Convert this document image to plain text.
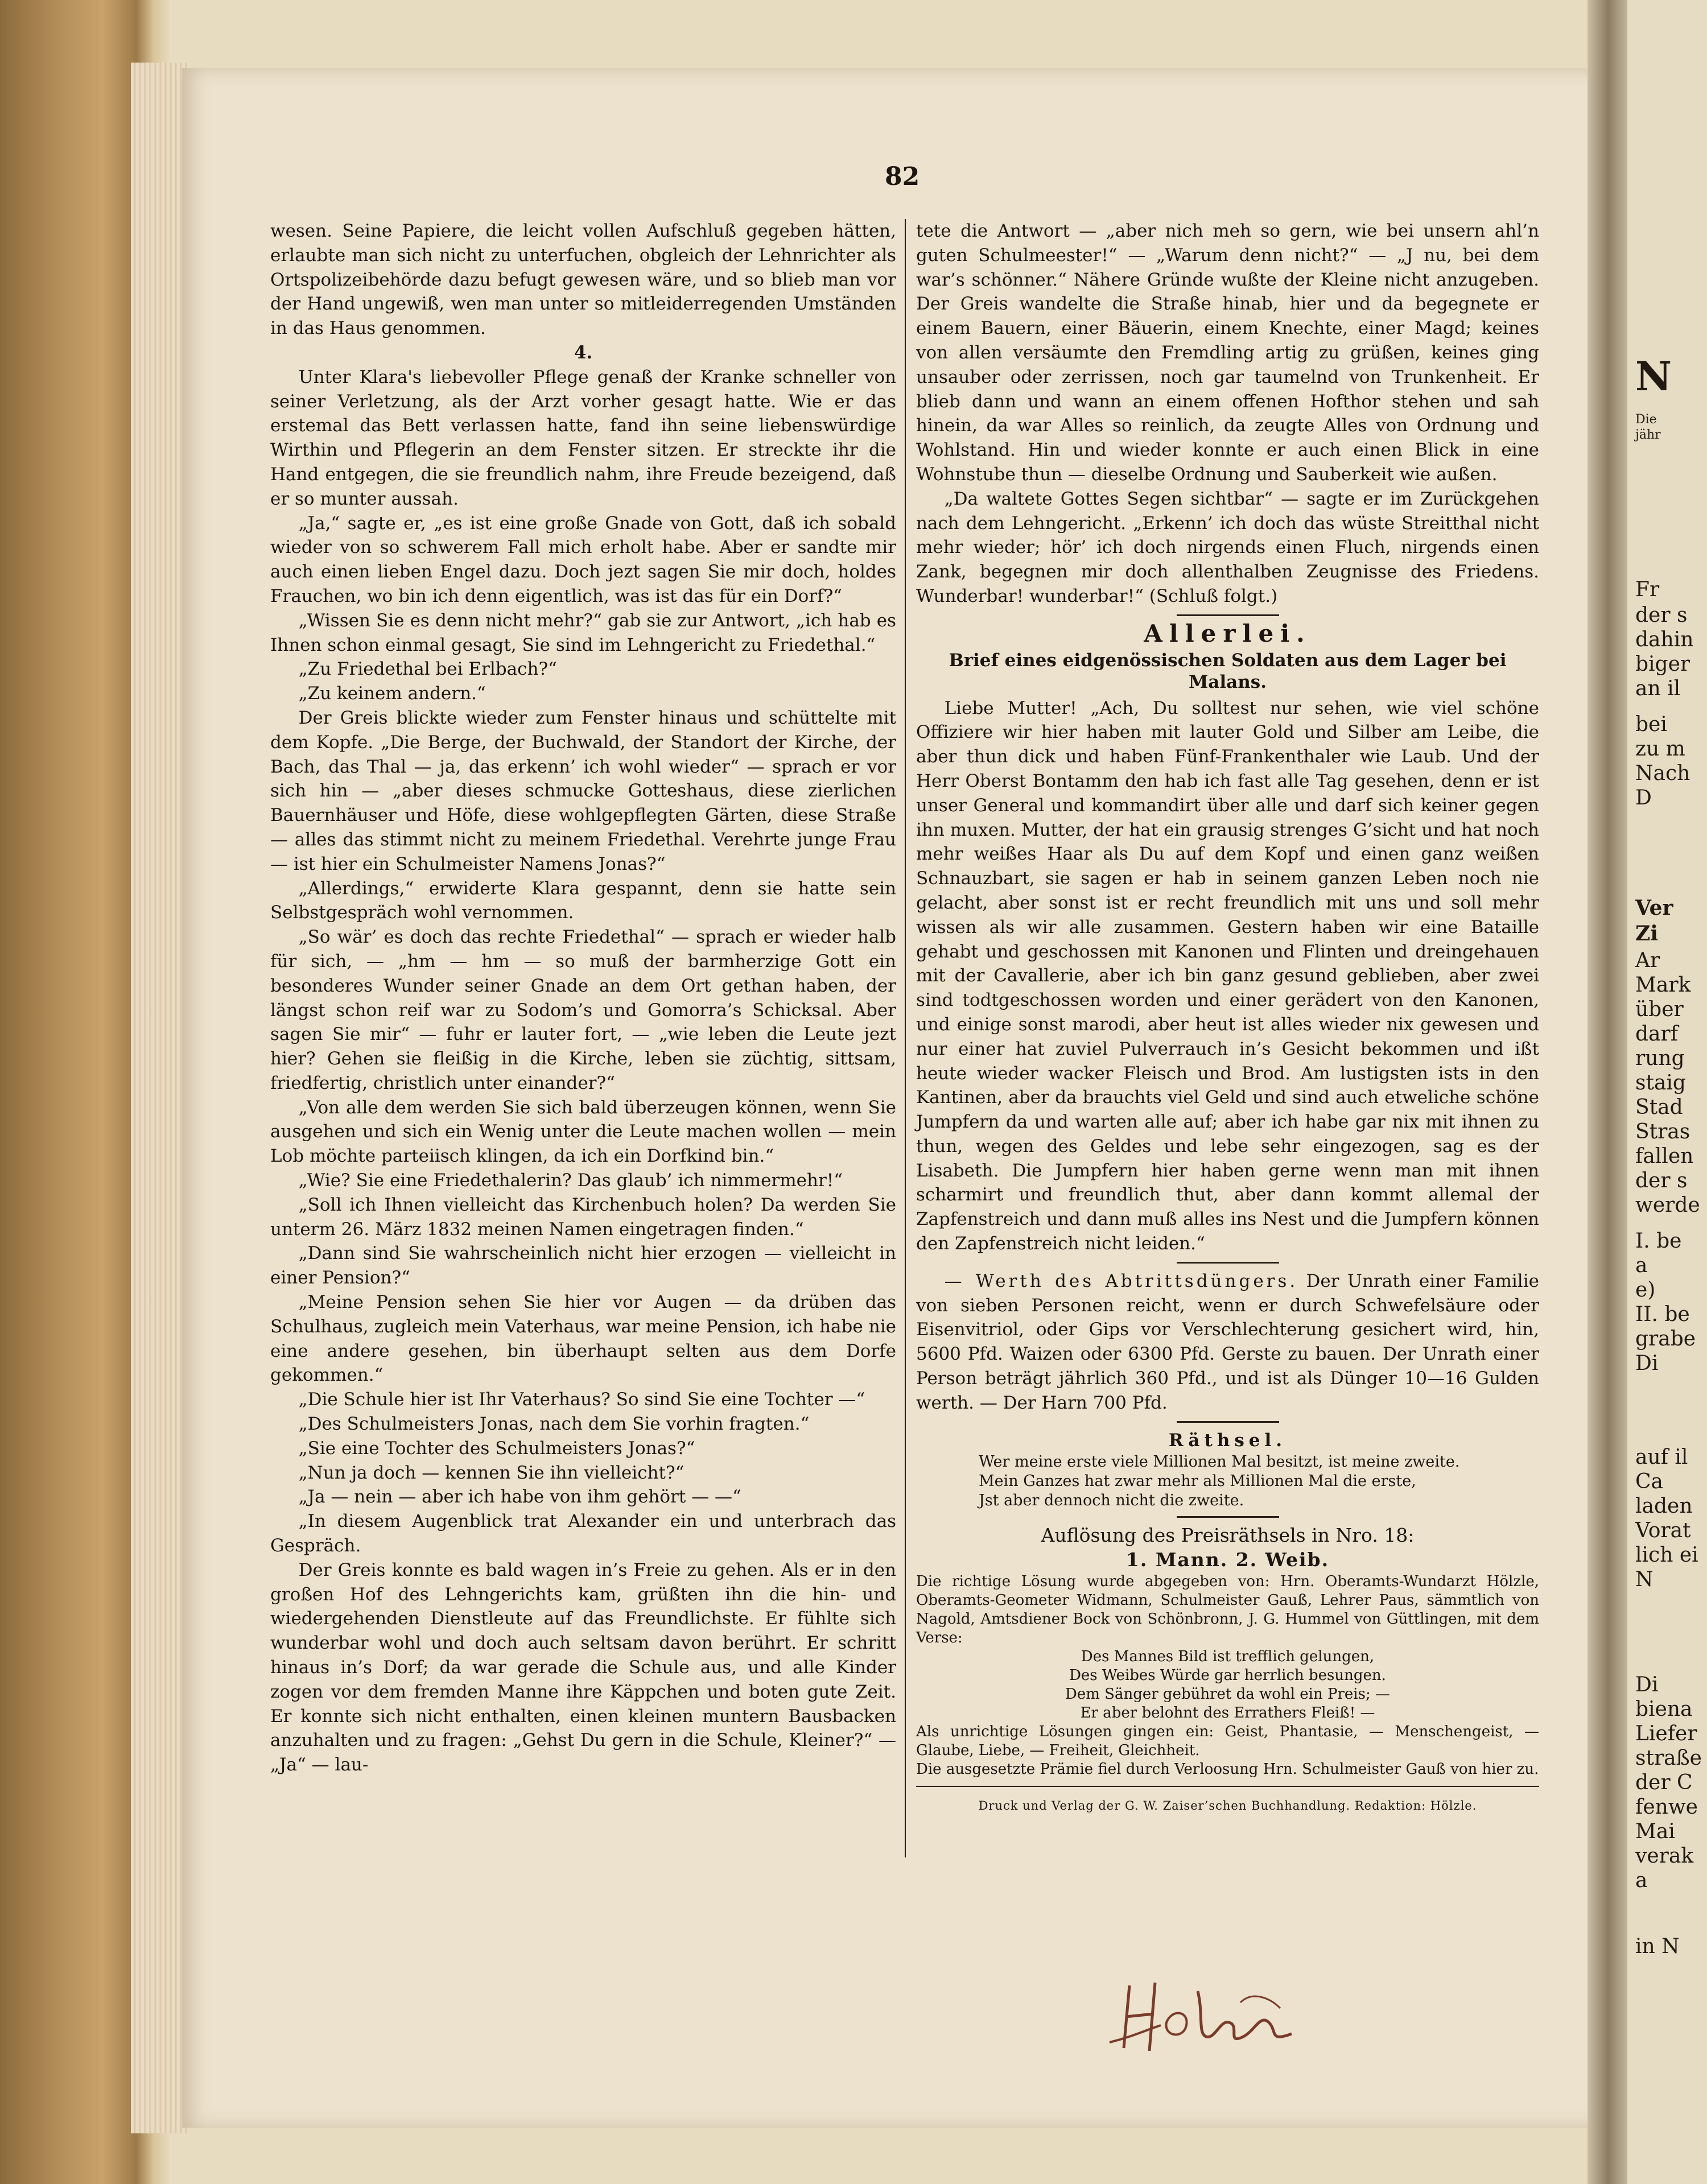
N
Die
jähr
Fr
der s
dahin
biger
an il
bei
zu m
Nach
D
Ver
Zi
Ar
Mark
über
darf
rung
staig
Stad
Stras
fallen
der s
werde
I. be
a
e)
II. be
grabe
Di
auf il
Ca
laden
Vorat
lich ei
N
Di
biena
Liefer
straße
der C
fenwe
Mai
verak
a
in N
82

wesen. Seine Papiere, die leicht vollen Aufschluß gegeben hätten, erlaubte man sich nicht zu unterfuchen, obgleich der Lehnrichter als Ortspolizeibehörde dazu befugt gewesen wäre, und so blieb man vor der Hand ungewiß, wen man unter so mitleiderregenden Umständen in das Haus genommen.

4.

Unter Klara's liebevoller Pflege genaß der Kranke schneller von seiner Verletzung, als der Arzt vorher gesagt hatte. Wie er das erstemal das Bett verlassen hatte, fand ihn seine liebenswürdige Wirthin und Pflegerin an dem Fenster sitzen. Er streckte ihr die Hand entgegen, die sie freundlich nahm, ihre Freude bezeigend, daß er so munter aussah.

„Ja,“ sagte er, „es ist eine große Gnade von Gott, daß ich sobald wieder von so schwerem Fall mich erholt habe. Aber er sandte mir auch einen lieben Engel dazu. Doch jezt sagen Sie mir doch, holdes Frauchen, wo bin ich denn eigentlich, was ist das für ein Dorf?“

„Wissen Sie es denn nicht mehr?“ gab sie zur Antwort, „ich hab es Ihnen schon einmal gesagt, Sie sind im Lehngericht zu Friedethal.“

„Zu Friedethal bei Erlbach?“

„Zu keinem andern.“

Der Greis blickte wieder zum Fenster hinaus und schüttelte mit dem Kopfe. „Die Berge, der Buchwald, der Standort der Kirche, der Bach, das Thal — ja, das erkenn’ ich wohl wieder“ — sprach er vor sich hin — „aber dieses schmucke Gotteshaus, diese zierlichen Bauernhäuser und Höfe, diese wohlgepflegten Gärten, diese Straße — alles das stimmt nicht zu meinem Friedethal. Verehrte junge Frau — ist hier ein Schulmeister Namens Jonas?“

„Allerdings,“ erwiderte Klara gespannt, denn sie hatte sein Selbstgespräch wohl vernommen.

„So wär’ es doch das rechte Friedethal“ — sprach er wieder halb für sich, — „hm — hm — so muß der barmherzige Gott ein besonderes Wunder seiner Gnade an dem Ort gethan haben, der längst schon reif war zu Sodom’s und Gomorra’s Schicksal. Aber sagen Sie mir“ — fuhr er lauter fort, — „wie leben die Leute jezt hier? Gehen sie fleißig in die Kirche, leben sie züchtig, sittsam, friedfertig, christlich unter einander?“

„Von alle dem werden Sie sich bald überzeugen können, wenn Sie ausgehen und sich ein Wenig unter die Leute machen wollen — mein Lob möchte parteiisch klingen, da ich ein Dorfkind bin.“

„Wie? Sie eine Friedethalerin? Das glaub’ ich nimmermehr!“

„Soll ich Ihnen vielleicht das Kirchenbuch holen? Da werden Sie unterm 26. März 1832 meinen Namen eingetragen finden.“

„Dann sind Sie wahrscheinlich nicht hier erzogen — vielleicht in einer Pension?“

„Meine Pension sehen Sie hier vor Augen — da drüben das Schulhaus, zugleich mein Vaterhaus, war meine Pension, ich habe nie eine andere gesehen, bin überhaupt selten aus dem Dorfe gekommen.“

„Die Schule hier ist Ihr Vaterhaus? So sind Sie eine Tochter —“

„Des Schulmeisters Jonas, nach dem Sie vorhin fragten.“

„Sie eine Tochter des Schulmeisters Jonas?“

„Nun ja doch — kennen Sie ihn vielleicht?“

„Ja — nein — aber ich habe von ihm gehört — —“

„In diesem Augenblick trat Alexander ein und unterbrach das Gespräch.

Der Greis konnte es bald wagen in’s Freie zu gehen. Als er in den großen Hof des Lehngerichts kam, grüßten ihn die hin- und wiedergehenden Dienstleute auf das Freundlichste. Er fühlte sich wunderbar wohl und doch auch seltsam davon berührt. Er schritt hinaus in’s Dorf; da war gerade die Schule aus, und alle Kinder zogen vor dem fremden Manne ihre Käppchen und boten gute Zeit. Er konnte sich nicht enthalten, einen kleinen muntern Bausbacken anzuhalten und zu fragen: „Gehst Du gern in die Schule, Kleiner?“ — „Ja“ — lau-

tete die Antwort — „aber nich meh so gern, wie bei unsern ahl’n guten Schulmeester!“ — „Warum denn nicht?“ — „J nu, bei dem war’s schönner.“ Nähere Gründe wußte der Kleine nicht anzugeben. Der Greis wandelte die Straße hinab, hier und da begegnete er einem Bauern, einer Bäuerin, einem Knechte, einer Magd; keines von allen versäumte den Fremdling artig zu grüßen, keines ging unsauber oder zerrissen, noch gar taumelnd von Trunkenheit. Er blieb dann und wann an einem offenen Hofthor stehen und sah hinein, da war Alles so reinlich, da zeugte Alles von Ordnung und Wohlstand. Hin und wieder konnte er auch einen Blick in eine Wohnstube thun — dieselbe Ordnung und Sauberkeit wie außen.

„Da waltete Gottes Segen sichtbar“ — sagte er im Zurückgehen nach dem Lehngericht. „Erkenn’ ich doch das wüste Streitthal nicht mehr wieder; hör’ ich doch nirgends einen Fluch, nirgends einen Zank, begegnen mir doch allenthalben Zeugnisse des Friedens. Wunderbar! wunderbar!“ (Schluß folgt.)

Allerlei.
Brief eines eidgenössischen Soldaten aus dem Lager bei Malans.

Liebe Mutter! „Ach, Du solltest nur sehen, wie viel schöne Offiziere wir hier haben mit lauter Gold und Silber am Leibe, die aber thun dick und haben Fünf-Frankenthaler wie Laub. Und der Herr Oberst Bontamm den hab ich fast alle Tag gesehen, denn er ist unser General und kommandirt über alle und darf sich keiner gegen ihn muxen. Mutter, der hat ein grausig strenges G’sicht und hat noch mehr weißes Haar als Du auf dem Kopf und einen ganz weißen Schnauzbart, sie sagen er hab in seinem ganzen Leben noch nie gelacht, aber sonst ist er recht freundlich mit uns und soll mehr wissen als wir alle zusammen. Gestern haben wir eine Bataille gehabt und geschossen mit Kanonen und Flinten und dreingehauen mit der Cavallerie, aber ich bin ganz gesund geblieben, aber zwei sind todtgeschossen worden und einer gerädert von den Kanonen, und einige sonst marodi, aber heut ist alles wieder nix gewesen und nur einer hat zuviel Pulverrauch in’s Gesicht bekommen und ißt heute wieder wacker Fleisch und Brod. Am lustigsten ists in den Kantinen, aber da brauchts viel Geld und sind auch etweliche schöne Jumpfern da und warten alle auf; aber ich habe gar nix mit ihnen zu thun, wegen des Geldes und lebe sehr eingezogen, sag es der Lisabeth. Die Jumpfern hier haben gerne wenn man mit ihnen scharmirt und freundlich thut, aber dann kommt allemal der Zapfenstreich und dann muß alles ins Nest und die Jumpfern können den Zapfenstreich nicht leiden.“

— Werth des Abtrittsdüngers. Der Unrath einer Familie von sieben Personen reicht, wenn er durch Schwefelsäure oder Eisenvitriol, oder Gips vor Verschlechterung gesichert wird, hin, 5600 Pfd. Waizen oder 6300 Pfd. Gerste zu bauen. Der Unrath einer Person beträgt jährlich 360 Pfd., und ist als Dünger 10—16 Gulden werth. — Der Harn 700 Pfd.

Räthsel.
Wer meine erste viele Millionen Mal besitzt, ist meine zweite.
Mein Ganzes hat zwar mehr als Millionen Mal die erste,
Jst aber dennoch nicht die zweite.
Auflösung des Preisräthsels in Nro. 18:
1. Mann. 2. Weib.
Die richtige Lösung wurde abgegeben von: Hrn. Oberamts-Wundarzt Hölzle, Oberamts-Geometer Widmann, Schulmeister Gauß, Lehrer Paus, sämmtlich von Nagold, Amtsdiener Bock von Schönbronn, J. G. Hummel von Güttlingen, mit dem Verse:
Des Mannes Bild ist trefflich gelungen,
Des Weibes Würde gar herrlich besungen.
Dem Sänger gebühret da wohl ein Preis; —
Er aber belohnt des Errathers Fleiß! —
Als unrichtige Lösungen gingen ein: Geist, Phantasie, — Menschengeist, — Glaube, Liebe, — Freiheit, Gleichheit.
Die ausgesetzte Prämie fiel durch Verloosung Hrn. Schulmeister Gauß von hier zu.
Druck und Verlag der G. W. Zaiser’schen Buchhandlung. Redaktion: Hölzle.
